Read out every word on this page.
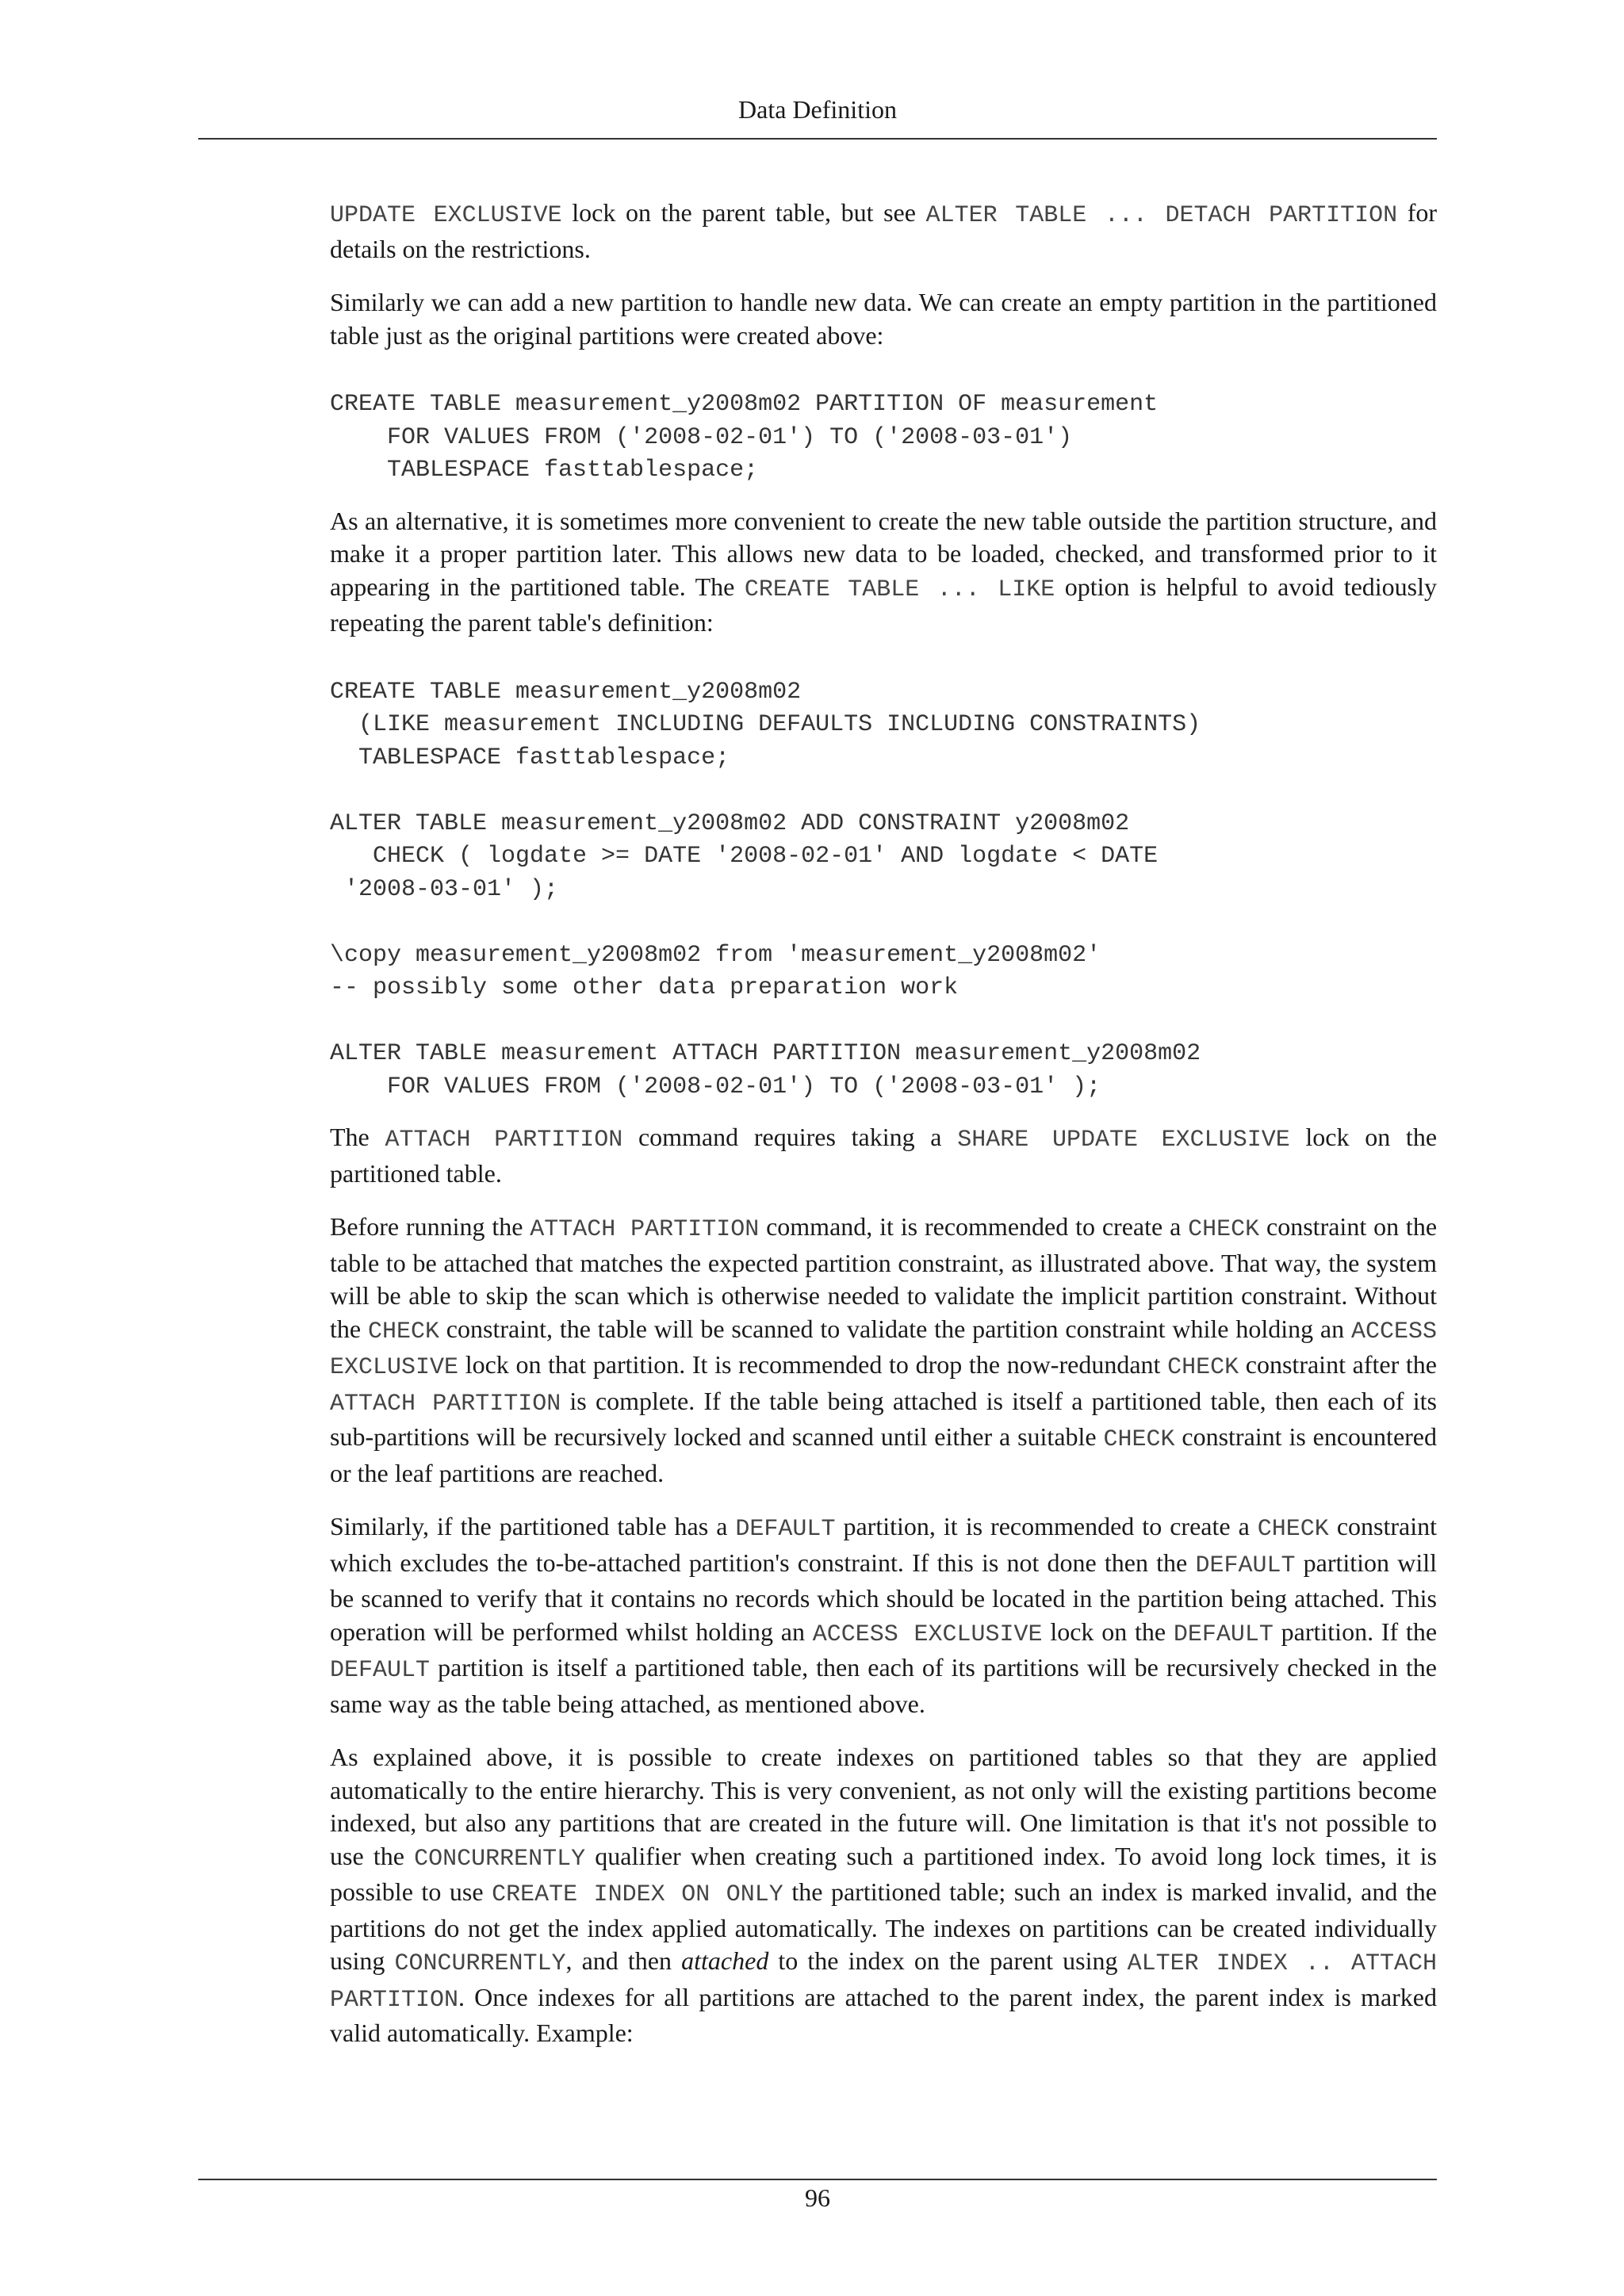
Data Definition

UPDATE EXCLUSIVE lock on the parent table, but see ALTER TABLE ... DETACH PARTITION for details on the restrictions.

Similarly we can add a new partition to handle new data. We can create an empty partition in the partitioned table just as the original partitions were created above:

CREATE TABLE measurement_y2008m02 PARTITION OF measurement
FOR VALUES FROM ('2008-02-01') TO ('2008-03-01')
TABLESPACE fasttablespace;

As an alternative, it is sometimes more convenient to create the new table outside the partition structure, and make it a proper partition later. This allows new data to be loaded, checked, and transformed prior to it appearing in the partitioned table. The CREATE TABLE ... LIKE option is helpful to avoid tediously repeating the parent table's definition:

CREATE TABLE measurement_y2008m02
(LIKE measurement INCLUDING DEFAULTS INCLUDING CONSTRAINTS)
TABLESPACE fasttablespace;

ALTER TABLE measurement_y2008m02 ADD CONSTRAINT y2008m02
CHECK ( logdate >= DATE '2008-02-01' AND logdate < DATE
'2008-03-01' );

\copy measurement_y2008m02 from 'measurement_y2008m02'
-- possibly some other data preparation work

ALTER TABLE measurement ATTACH PARTITION measurement_y2008m02
FOR VALUES FROM ('2008-02-01') TO ('2008-03-01' );

The ATTACH PARTITION command requires taking a SHARE UPDATE EXCLUSIVE lock on the partitioned table.

Before running the ATTACH PARTITION command, it is recommended to create a CHECK constraint on the table to be attached that matches the expected partition constraint, as illustrated above. That way, the system will be able to skip the scan which is otherwise needed to validate the implicit partition constraint. Without the CHECK constraint, the table will be scanned to validate the partition constraint while holding an ACCESS EXCLUSIVE lock on that partition. It is recommended to drop the now-redundant CHECK constraint after the ATTACH PARTITION is complete. If the table being attached is itself a partitioned table, then each of its sub-partitions will be recursively locked and scanned until either a suitable CHECK constraint is encountered or the leaf partitions are reached.

Similarly, if the partitioned table has a DEFAULT partition, it is recommended to create a CHECK constraint which excludes the to-be-attached partition's constraint. If this is not done then the DEFAULT partition will be scanned to verify that it contains no records which should be located in the partition being attached. This operation will be performed whilst holding an ACCESS EXCLUSIVE lock on the DEFAULT partition. If the DEFAULT partition is itself a partitioned table, then each of its partitions will be recursively checked in the same way as the table being attached, as mentioned above.

As explained above, it is possible to create indexes on partitioned tables so that they are applied automatically to the entire hierarchy. This is very convenient, as not only will the existing partitions become indexed, but also any partitions that are created in the future will. One limitation is that it's not possible to use the CONCURRENTLY qualifier when creating such a partitioned index. To avoid long lock times, it is possible to use CREATE INDEX ON ONLY the partitioned table; such an index is marked invalid, and the partitions do not get the index applied automatically. The indexes on partitions can be created individually using CONCURRENTLY, and then attached to the index on the parent using ALTER INDEX .. ATTACH PARTITION. Once indexes for all partitions are attached to the parent index, the parent index is marked valid automatically. Example:

96
